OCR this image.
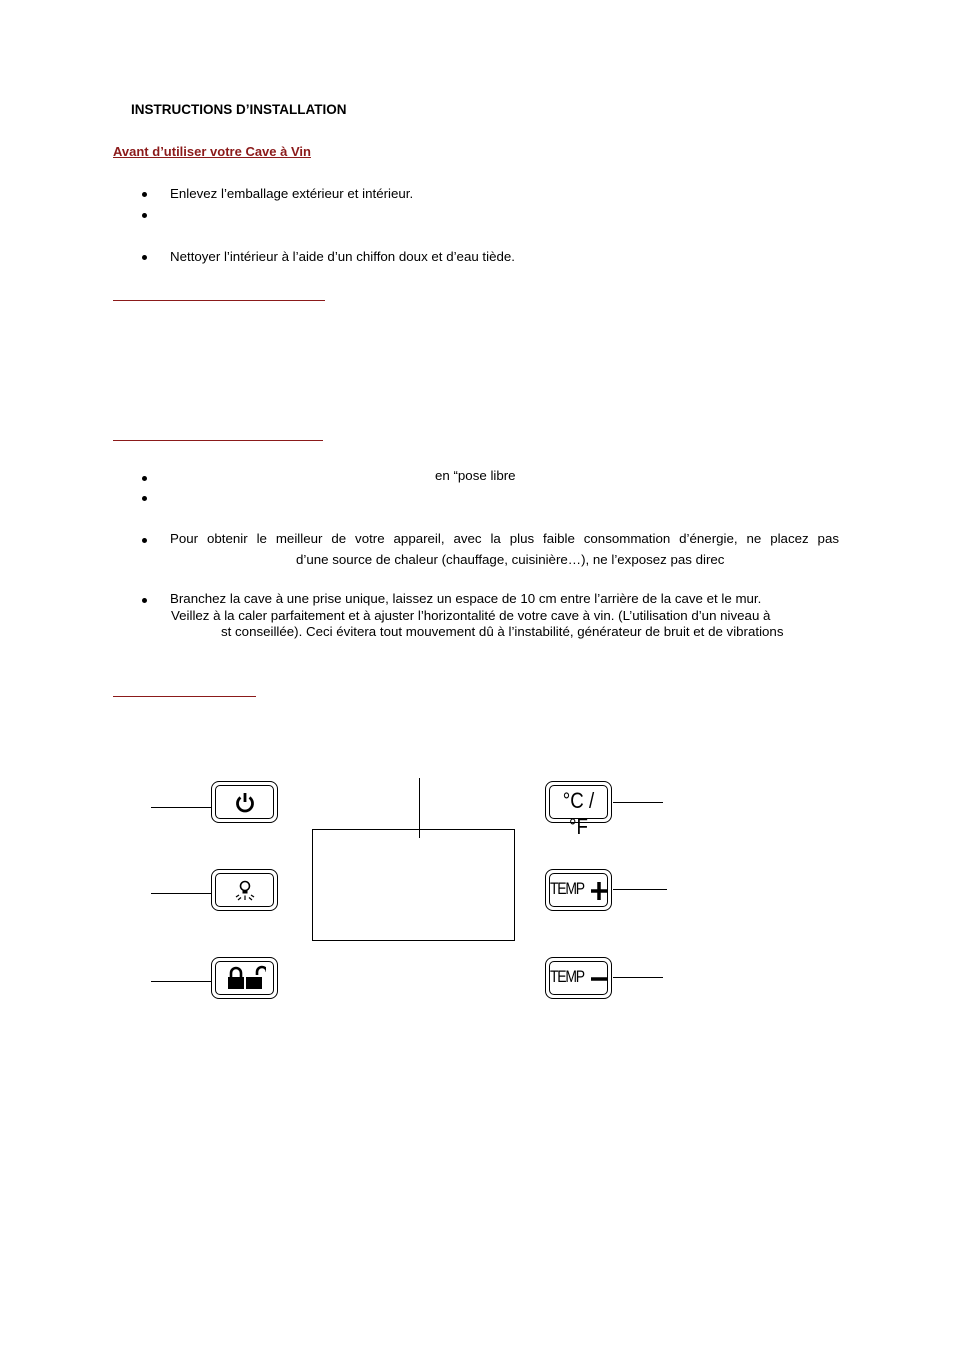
INSTRUCTIONS D’INSTALLATION
Avant d’utiliser votre Cave à Vin
Enlevez l’emballage extérieur et intérieur.
Nettoyer l’intérieur à l’aide d’un chiffon doux et d’eau tiède.
en “pose libre
Pour obtenir le meilleur de votre appareil, avec la plus faible consommation d’énergie, ne placez pas
d’une source de chaleur (chauffage, cuisinière…), ne l’exposez pas direc
Branchez la cave à une prise unique, laissez un espace de 10 cm entre l’arrière de la cave et le mur.
Veillez à la caler parfaitement et à ajuster l’horizontalité de votre cave à vin. (L’utilisation d’un niveau à
st conseillée). Ceci évitera tout mouvement dû à l’instabilité, générateur de bruit et de vibrations
°C / °F
TEMP
TEMP
